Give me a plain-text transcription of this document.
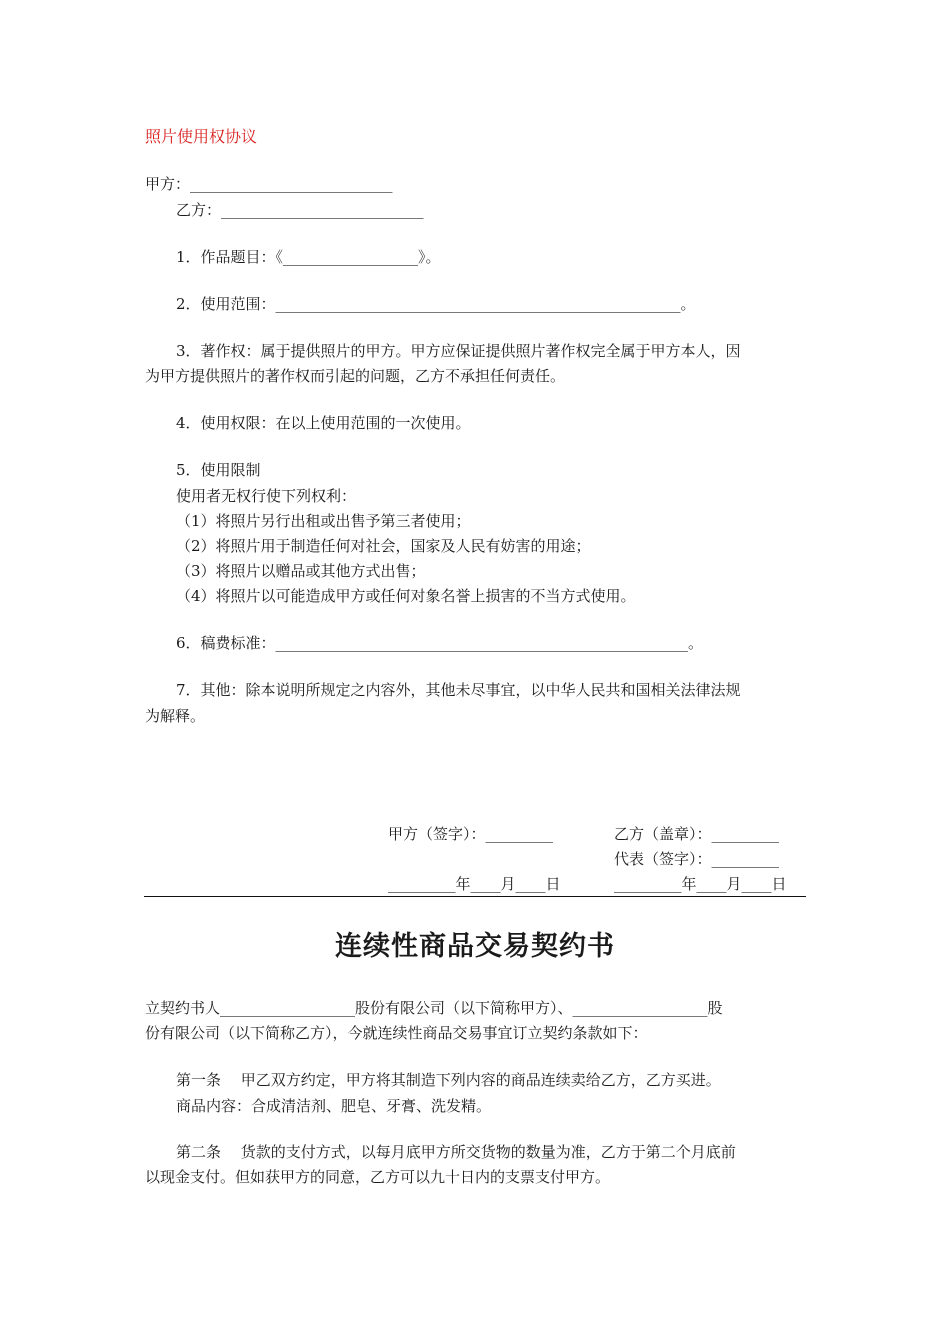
照片使用权协议
甲方：___________________________
乙方：___________________________
1．作品题目：《__________________》。
2．使用范围：______________________________________________________。
3．著作权：属于提供照片的甲方。甲方应保证提供照片著作权完全属于甲方本人，因
为甲方提供照片的著作权而引起的问题，乙方不承担任何责任。
4．使用权限：在以上使用范围的一次使用。
5．使用限制
使用者无权行使下列权利：
（1）将照片另行出租或出售予第三者使用；
（2）将照片用于制造任何对社会，国家及人民有妨害的用途；
（3）将照片以赠品或其他方式出售；
（4）将照片以可能造成甲方或任何对象名誉上损害的不当方式使用。
6．稿费标准：_______________________________________________________。
7．其他：除本说明所规定之内容外，其他未尽事宜，以中华人民共和国相关法律法规
为解释。
甲方（签字）：_________	乙方（盖章）：_________
代表（签字）：_________
_________年____月____日	_________年____月____日
连续性商品交易契约书
立契约书人__________________股份有限公司（以下简称甲方）、__________________股
份有限公司（以下简称乙方），今就连续性商品交易事宜订立契约条款如下：
第一条　 甲乙双方约定，甲方将其制造下列内容的商品连续卖给乙方，乙方买进。
商品内容：合成清洁剂、肥皂、牙膏、洗发精。
第二条　 货款的支付方式，以每月底甲方所交货物的数量为准，乙方于第二个月底前
以现金支付。但如获甲方的同意，乙方可以九十日内的支票支付甲方。
